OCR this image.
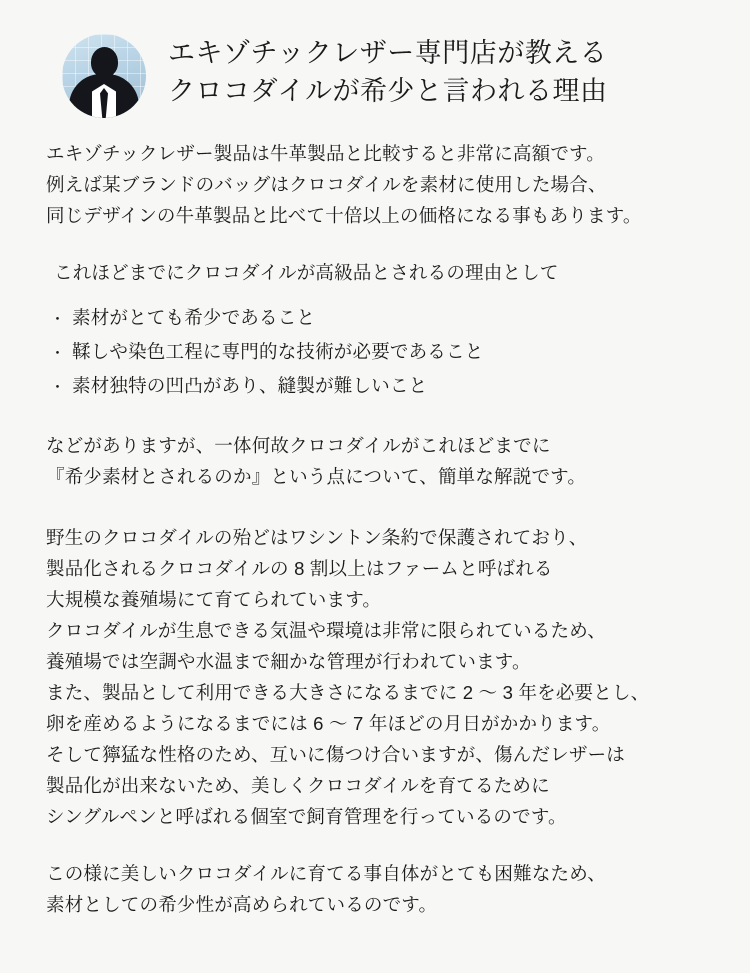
エキゾチックレザー専門店が教える
クロコダイルが希少と言われる理由

エキゾチックレザー製品は牛革製品と比較すると非常に高額です。
例えば某ブランドのバッグはクロコダイルを素材に使用した場合、
同じデザインの牛革製品と比べて十倍以上の価格になる事もあります。

これほどまでにクロコダイルが高級品とされるの理由として

・ 素材がとても希少であること
・ 鞣しや染色工程に専門的な技術が必要であること
・ 素材独特の凹凸があり、縫製が難しいこと

などがありますが、一体何故クロコダイルがこれほどまでに
『希少素材とされるのか』という点について、簡単な解説です。

野生のクロコダイルの殆どはワシントン条約で保護されており、
製品化されるクロコダイルの 8 割以上はファームと呼ばれる
大規模な養殖場にて育てられています。
クロコダイルが生息できる気温や環境は非常に限られているため、
養殖場では空調や水温まで細かな管理が行われています。
また、製品として利用できる大きさになるまでに 2 〜 3 年を必要とし、
卵を産めるようになるまでには 6 〜 7 年ほどの月日がかかります。
そして獰猛な性格のため、互いに傷つけ合いますが、傷んだレザーは
製品化が出来ないため、美しくクロコダイルを育てるために
シングルペンと呼ばれる個室で飼育管理を行っているのです。

この様に美しいクロコダイルに育てる事自体がとても困難なため、
素材としての希少性が高められているのです。
